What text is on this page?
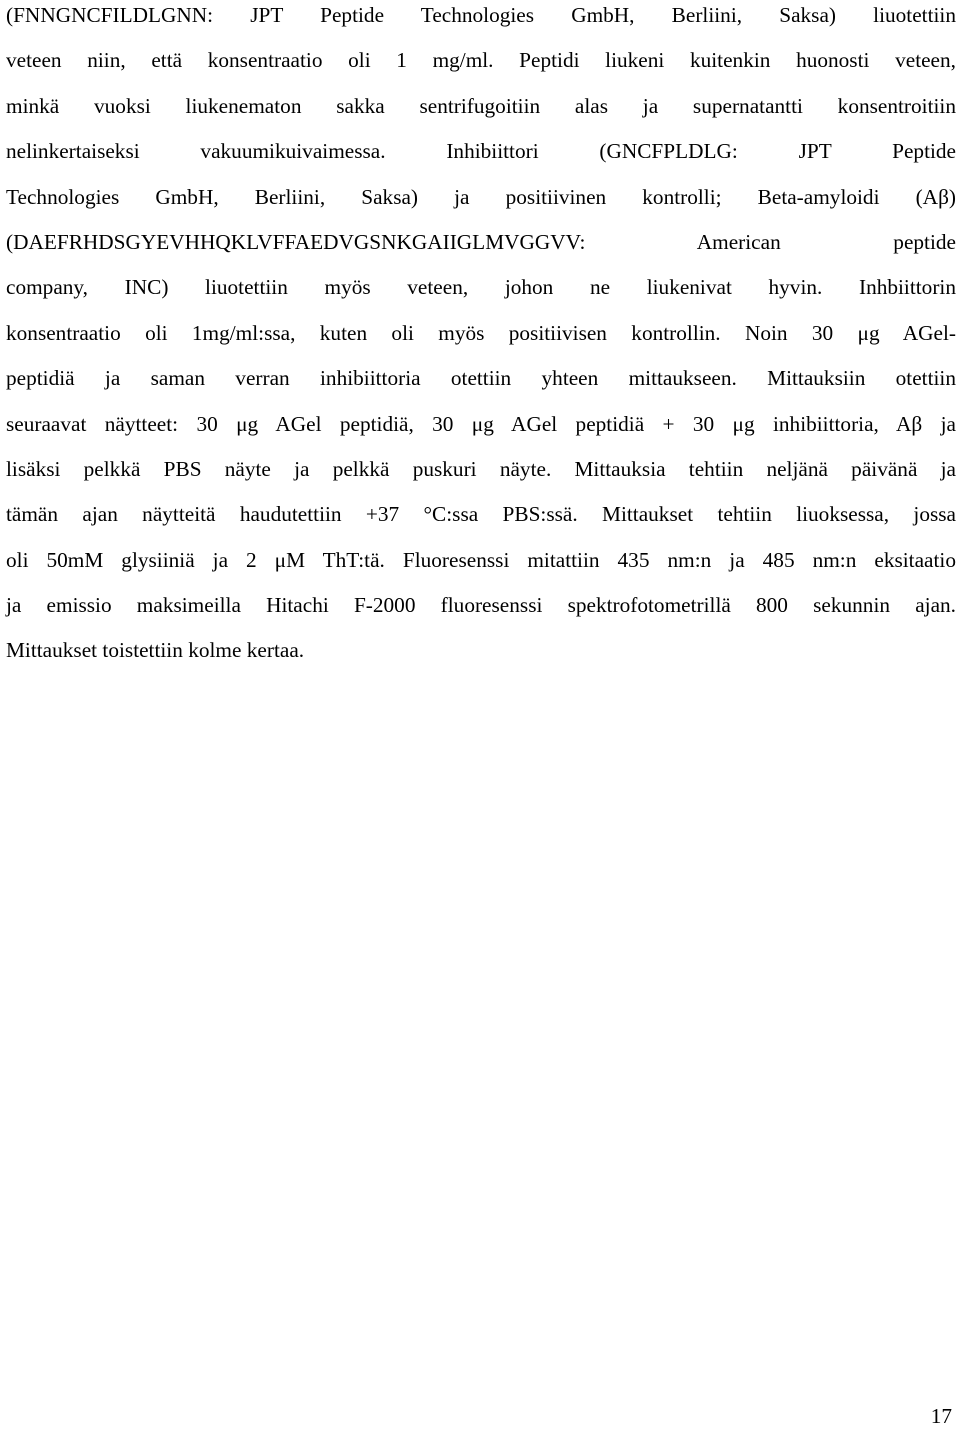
(FNNGNCFILDLGNN: JPT Peptide Technologies GmbH, Berliini, Saksa) liuotettiin
veteen niin, että konsentraatio oli 1 mg/ml. Peptidi liukeni kuitenkin huonosti veteen,
minkä vuoksi liukenematon sakka sentrifugoitiin alas ja supernatantti konsentroitiin
nelinkertaiseksi vakuumikuivaimessa. Inhibiittori (GNCFPLDLG: JPT Peptide
Technologies GmbH, Berliini, Saksa) ja positiivinen kontrolli; Beta-amyloidi (Aβ)
(DAEFRHDSGYEVHHQKLVFFAEDVGSNKGAIIGLMVGGVV: American peptide
company, INC) liuotettiin myös veteen, johon ne liukenivat hyvin. Inhbiittorin
konsentraatio oli 1mg/ml:ssa, kuten oli myös positiivisen kontrollin. Noin 30 μg AGel-
peptidiä ja saman verran inhibiittoria otettiin yhteen mittaukseen. Mittauksiin otettiin
seuraavat näytteet: 30 μg AGel peptidiä, 30 μg AGel peptidiä + 30 μg inhibiittoria, Aβ ja
lisäksi pelkkä PBS näyte ja pelkkä puskuri näyte. Mittauksia tehtiin neljänä päivänä ja
tämän ajan näytteitä haudutettiin +37 °C:ssa PBS:ssä. Mittaukset tehtiin liuoksessa, jossa
oli 50mM glysiiniä ja 2 μM ThT:tä. Fluoresenssi mitattiin 435 nm:n ja 485 nm:n eksitaatio
ja emissio maksimeilla Hitachi F-2000 fluoresenssi spektrofotometrillä 800 sekunnin ajan.
Mittaukset toistettiin kolme kertaa.
17
